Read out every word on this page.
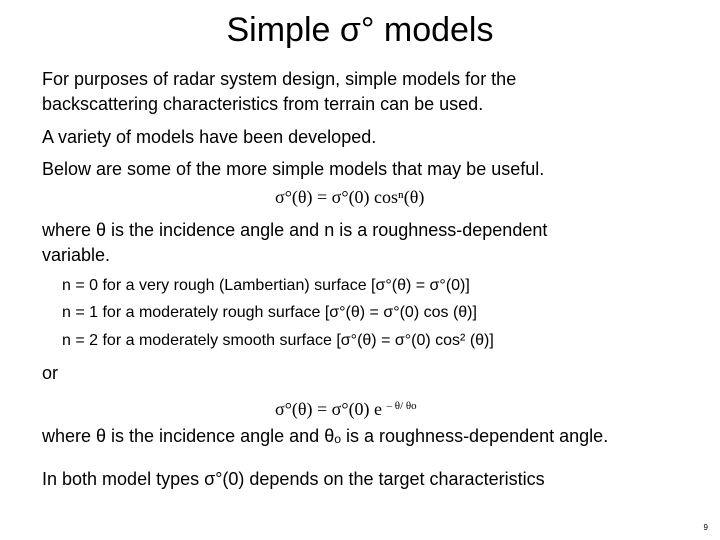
Simple σ° models
For purposes of radar system design, simple models for the
backscattering characteristics from terrain can be used.
A variety of models have been developed.
Below are some of the more simple models that may be useful.
σ°(θ) = σ°(0) cosⁿ(θ)
where θ is the incidence angle and n is a roughness-dependent
variable.
n = 0 for a very rough (Lambertian) surface [σ°(θ) = σ°(0)]
n = 1 for a moderately rough surface [σ°(θ) = σ°(0) cos (θ)]
n = 2 for a moderately smooth surface [σ°(θ) = σ°(0) cos² (θ)]
or
σ°(θ) = σ°(0) e $^{- \theta/ \theta o}$
where θ is the incidence angle and θₒ is a roughness-dependent angle.
In both model types σ°(0) depends on the target characteristics
9
